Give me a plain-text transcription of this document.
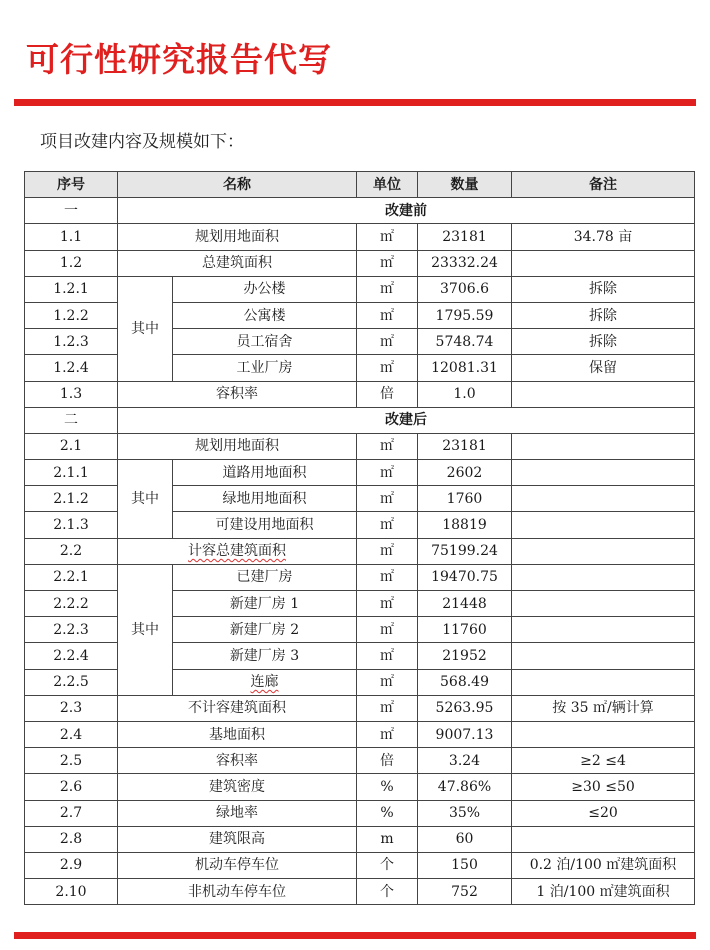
可行性研究报告代写
项目改建内容及规模如下：
序号	名称		单位	数量	备注
一	改建前				
1.1	规划用地面积		㎡	23181	34.78 亩
1.2	总建筑面积		㎡	23332.24	
1.2.1	其中	办公楼	㎡	3706.6	拆除
1.2.2		公寓楼	㎡	1795.59	拆除
1.2.3		员工宿舍	㎡	5748.74	拆除
1.2.4		工业厂房	㎡	12081.31	保留
1.3	容积率		倍	1.0	
二	改建后				
2.1	规划用地面积		㎡	23181	
2.1.1	其中	道路用地面积	㎡	2602	
2.1.2		绿地用地面积	㎡	1760	
2.1.3		可建设用地面积	㎡	18819	
2.2	计容总建筑面积		㎡	75199.24	
2.2.1	其中	已建厂房	㎡	19470.75	
2.2.2		新建厂房 1	㎡	21448	
2.2.3		新建厂房 2	㎡	11760	
2.2.4		新建厂房 3	㎡	21952	
2.2.5		连廊	㎡	568.49	
2.3	不计容建筑面积		㎡	5263.95	按 35 ㎡/辆计算
2.4	基地面积		㎡	9007.13	
2.5	容积率		倍	3.24	≥2 ≤4
2.6	建筑密度		%	47.86%	≥30 ≤50
2.7	绿地率		%	35%	≤20
2.8	建筑限高		m	60	
2.9	机动车停车位		个	150	0.2 泊/100 ㎡建筑面积
2.10	非机动车停车位		个	752	1 泊/100 ㎡建筑面积
